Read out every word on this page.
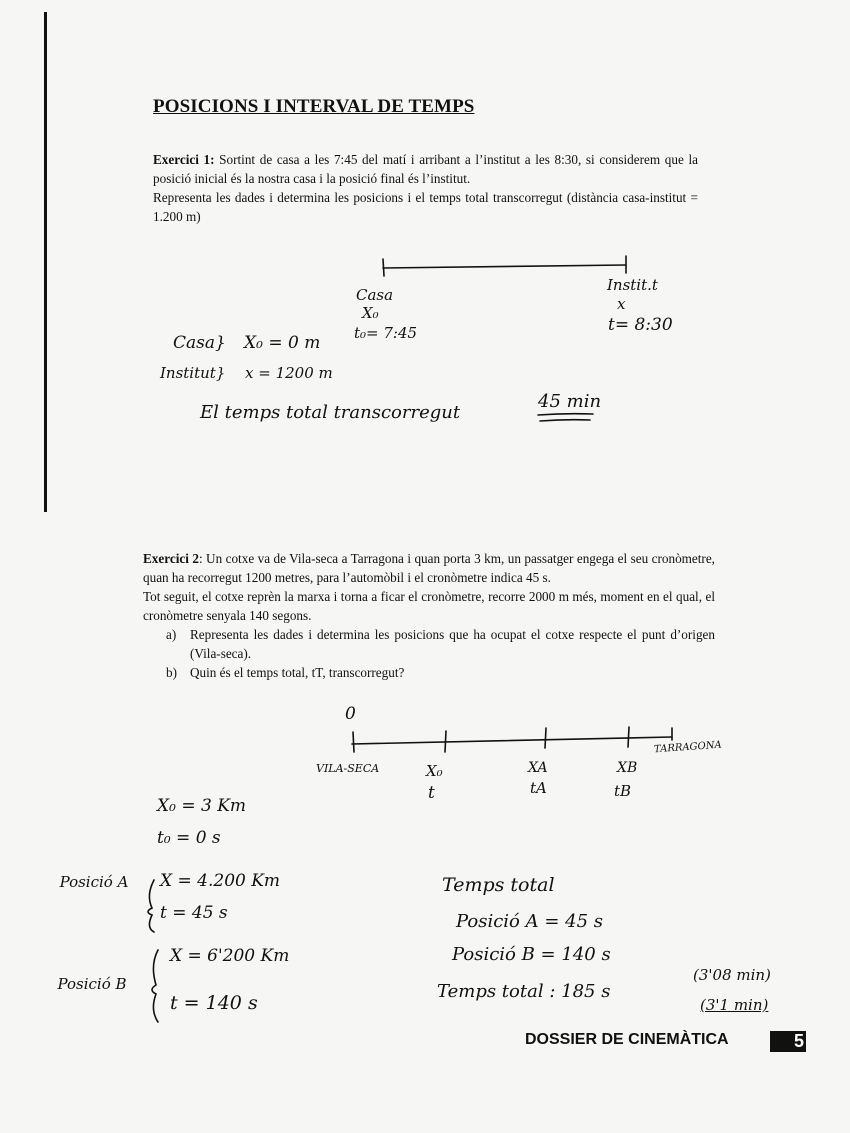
POSICIONS I INTERVAL DE TEMPS

Exercici 1: Sortint de casa a les 7:45 del matí i arribant a l’institut a les 8:30, si considerem que la posició inicial és la nostra casa i la posició final és l’institut.

Representa les dades i determina les posicions i el temps total transcorregut (distància casa-institut = 1.200 m)

Casa
X₀
t₀= 7:45
Instit.t
x
t= 8:30
Casa} X₀ = 0 m
Institut} x = 1200 m
El temps total transcorregut
45 min

Exercici 2: Un cotxe va de Vila-seca a Tarragona i quan porta 3 km, un passatger engega el seu cronòmetre, quan ha recorregut 1200 metres, para l’automòbil i el cronòmetre indica 45 s.

Tot seguit, el cotxe reprèn la marxa i torna a ficar el cronòmetre, recorre 2000 m més, moment en el qual, el cronòmetre senyala 140 segons.

a) Representa les dades i determina les posicions que ha ocupat el cotxe respecte el punt d’origen (Vila-seca).
b) Quin és el temps total, tT, transcorregut?
0
VILA-SECA
TARRAGONA
X₀
t
XA
tA
XB
tB
X₀ = 3 Km
t₀ = 0 s
Posició A X = 4.200 Km
t = 45 s
Posició B
X = 6'200 Km
t = 140 s
Temps total
Posició A = 45 s
Posició B = 140 s
Temps total : 185 s
(3'08 min)
(3'1 min)
DOSSIER DE CINEMÀTICA	5
